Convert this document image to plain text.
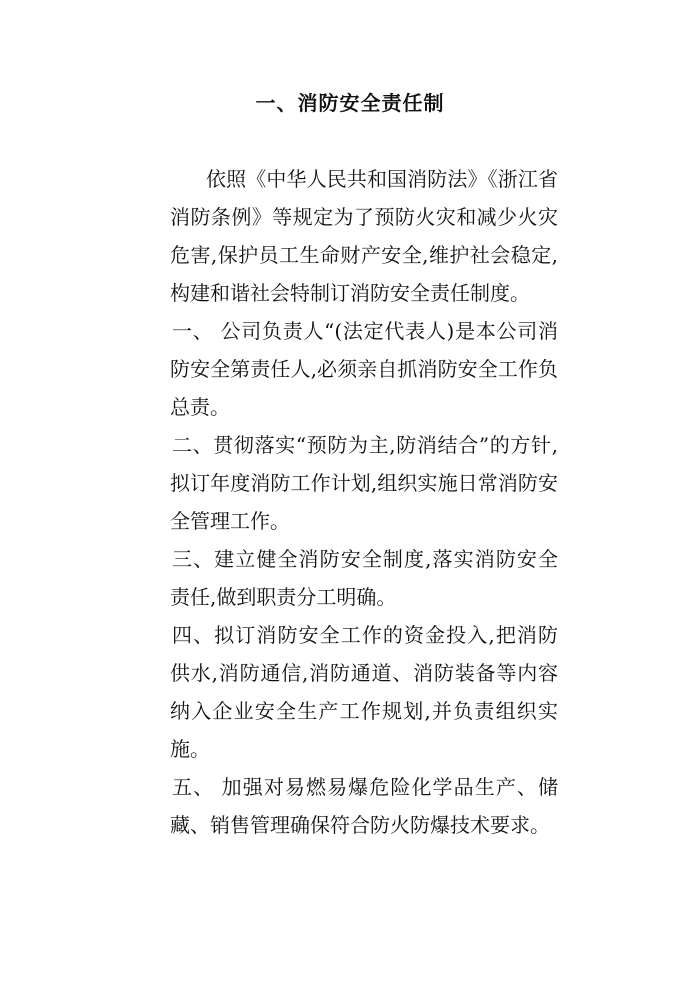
一、消防安全责任制

依照《中华人民共和国消防法》《浙江省消防条例》等规定为了预防火灾和减少火灾危害,保护员工生命财产安全,维护社会稳定,构建和谐社会特制订消防安全责任制度。

一、 公司负责人“(法定代表人)是本公司消防安全第责任人,必须亲自抓消防安全工作负总责。

二、贯彻落实“预防为主,防消结合”的方针,拟订年度消防工作计划,组织实施日常消防安全管理工作。

三、建立健全消防安全制度,落实消防安全责任,做到职责分工明确。

四、拟订消防安全工作的资金投入,把消防供水,消防通信,消防通道、消防装备等内容纳入企业安全生产工作规划,并负责组织实施。

五、 加强对易燃易爆危险化学品生产、储藏、销售管理确保符合防火防爆技术要求。
